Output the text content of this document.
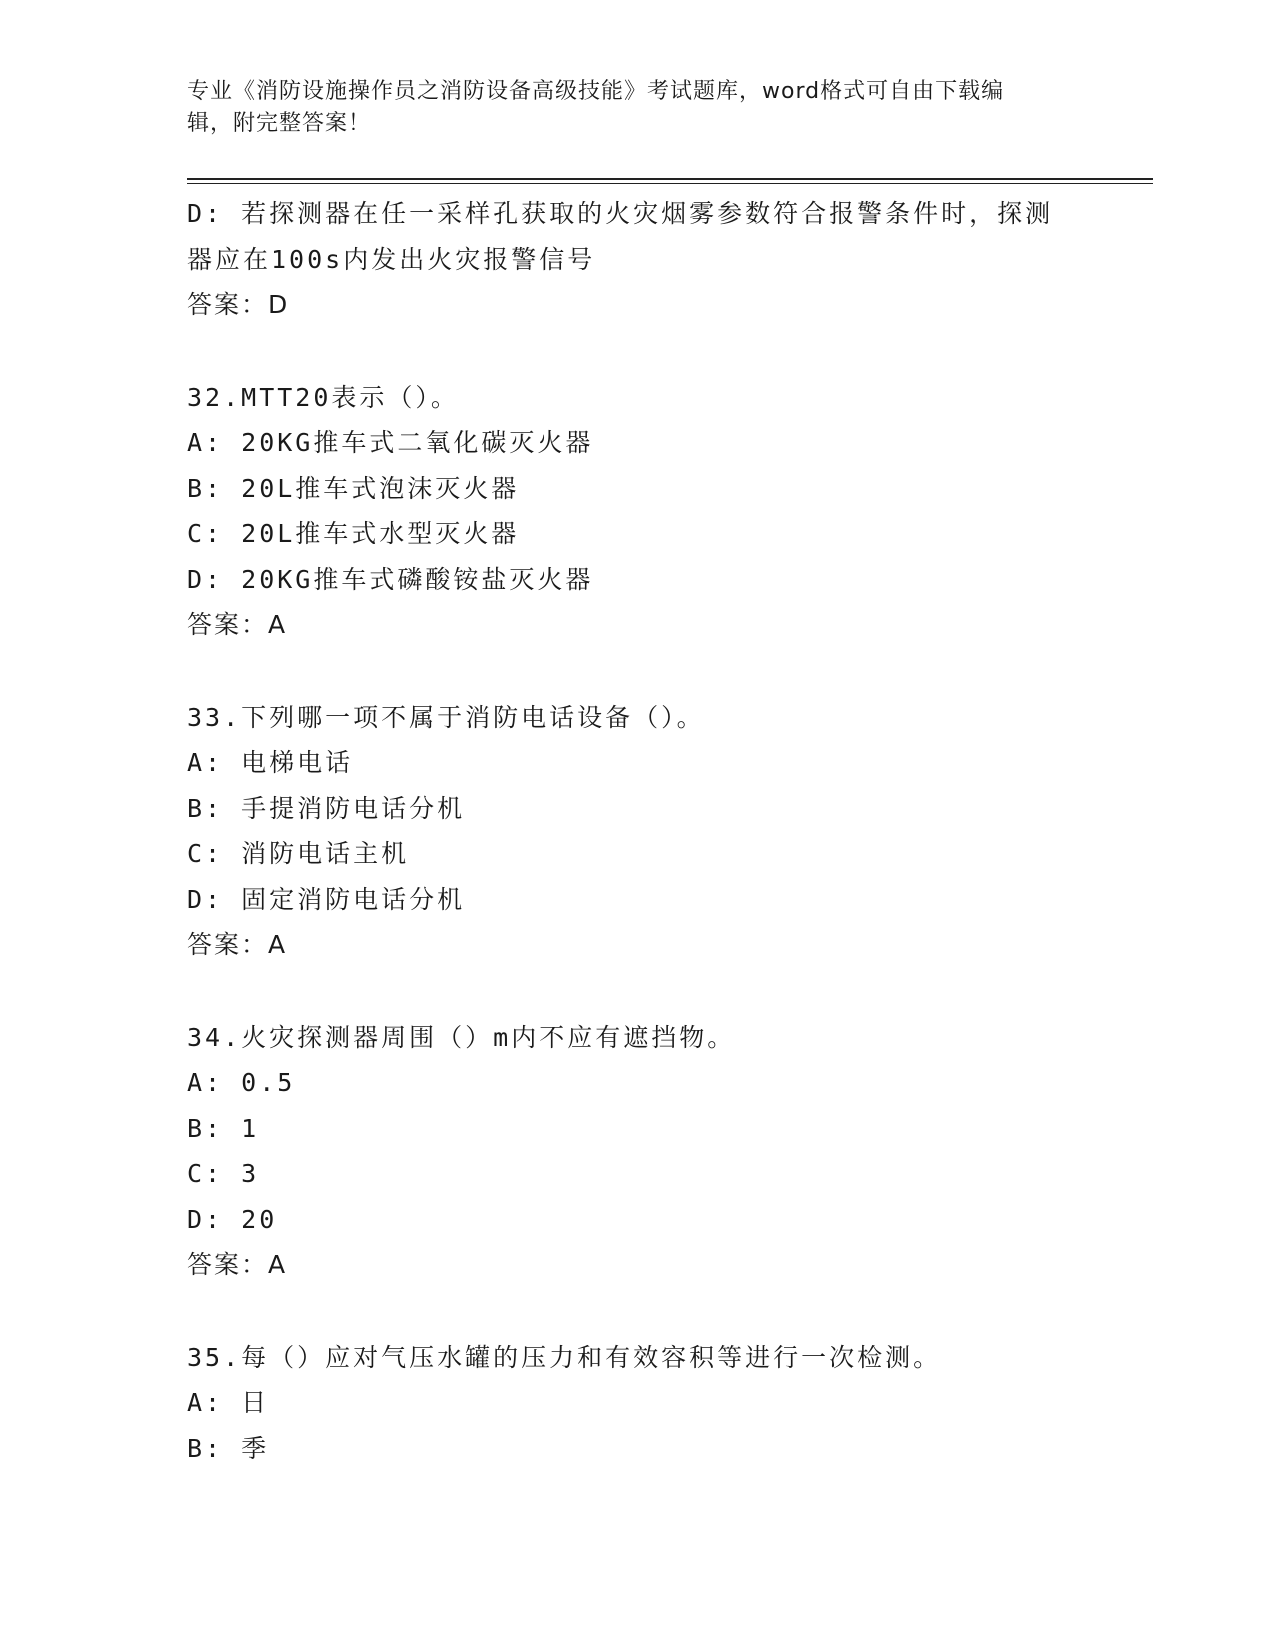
专业《消防设施操作员之消防设备高级技能》考试题库，word格式可自由下载编
辑，附完整答案！
D: 若探测器在任一采样孔获取的火灾烟雾参数符合报警条件时，探测
器应在100s内发出火灾报警信号
答案：D
32.MTT20表示（）。
A: 20KG推车式二氧化碳灭火器
B: 20L推车式泡沫灭火器
C: 20L推车式水型灭火器
D: 20KG推车式磷酸铵盐灭火器
答案：A
33.下列哪一项不属于消防电话设备（）。
A: 电梯电话
B: 手提消防电话分机
C: 消防电话主机
D: 固定消防电话分机
答案：A
34.火灾探测器周围（）m内不应有遮挡物。
A: 0.5
B: 1
C: 3
D: 20
答案：A
35.每（）应对气压水罐的压力和有效容积等进行一次检测。
A: 日
B: 季
